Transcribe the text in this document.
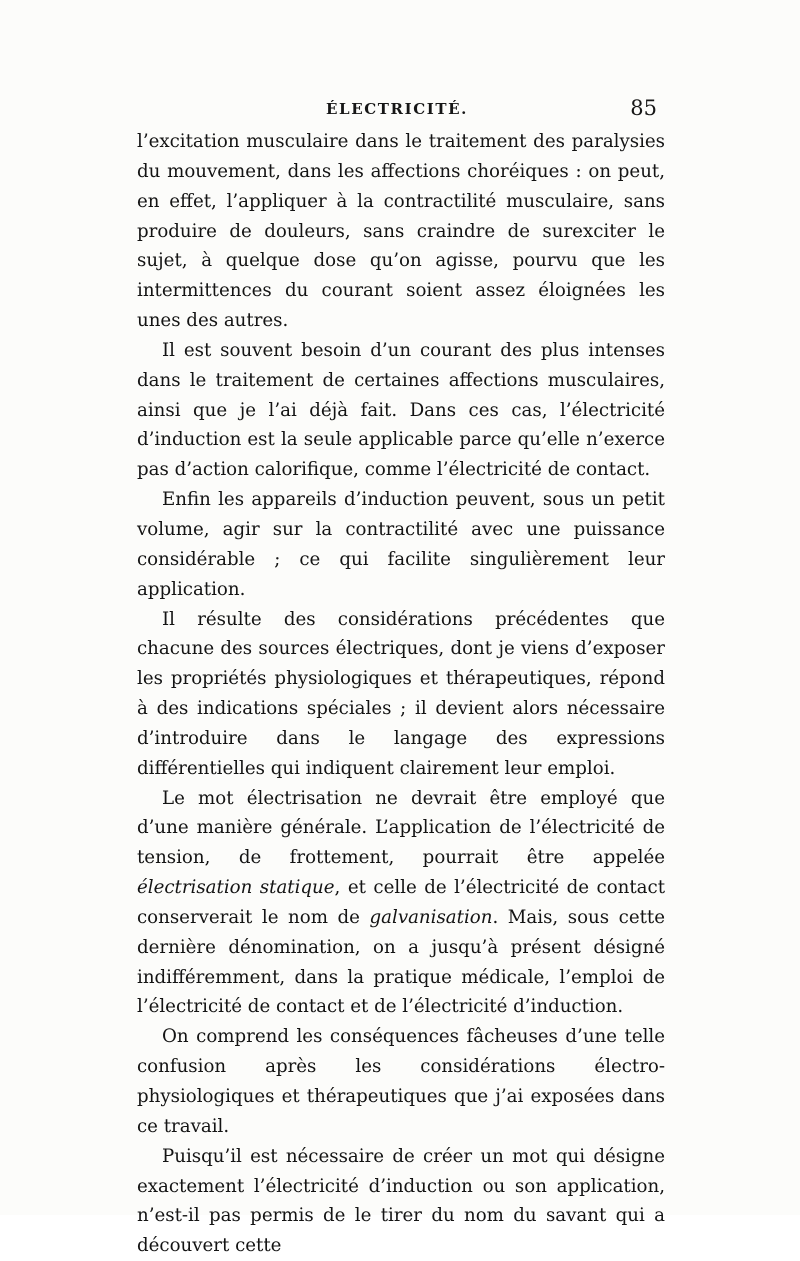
ÉLECTRICITÉ.	85

l’excitation musculaire dans le traitement des paralysies du mouvement, dans les affections choréiques : on peut, en effet, l’appliquer à la contractilité musculaire, sans produire de douleurs, sans craindre de surexciter le sujet, à quelque dose qu’on agisse, pourvu que les intermittences du courant soient assez éloignées les unes des autres.

Il est souvent besoin d’un courant des plus intenses dans le traitement de certaines affections musculaires, ainsi que je l’ai déjà fait. Dans ces cas, l’électricité d’induction est la seule applicable parce qu’elle n’exerce pas d’action calorifique, comme l’électricité de contact.

Enfin les appareils d’induction peuvent, sous un petit volume, agir sur la contractilité avec une puissance considérable ; ce qui facilite singulièrement leur application.

Il résulte des considérations précédentes que chacune des sources électriques, dont je viens d’exposer les propriétés physiologiques et thérapeutiques, répond à des indications spéciales ; il devient alors nécessaire d’introduire dans le langage des expressions différentielles qui indiquent clairement leur emploi.

Le mot électrisation ne devrait être employé que d’une manière générale. L’application de l’électricité de tension, de frottement, pourrait être appelée électrisation statique, et celle de l’électricité de contact conserverait le nom de galvanisation. Mais, sous cette dernière dénomination, on a jusqu’à présent désigné indifféremment, dans la pratique médicale, l’emploi de l’électricité de contact et de l’électricité d’induction.

On comprend les conséquences fâcheuses d’une telle confusion après les considérations électro-physiologiques et thérapeutiques que j’ai exposées dans ce travail.

Puisqu’il est nécessaire de créer un mot qui désigne exactement l’électricité d’induction ou son application, n’est-il pas permis de le tirer du nom du savant qui a découvert cette
